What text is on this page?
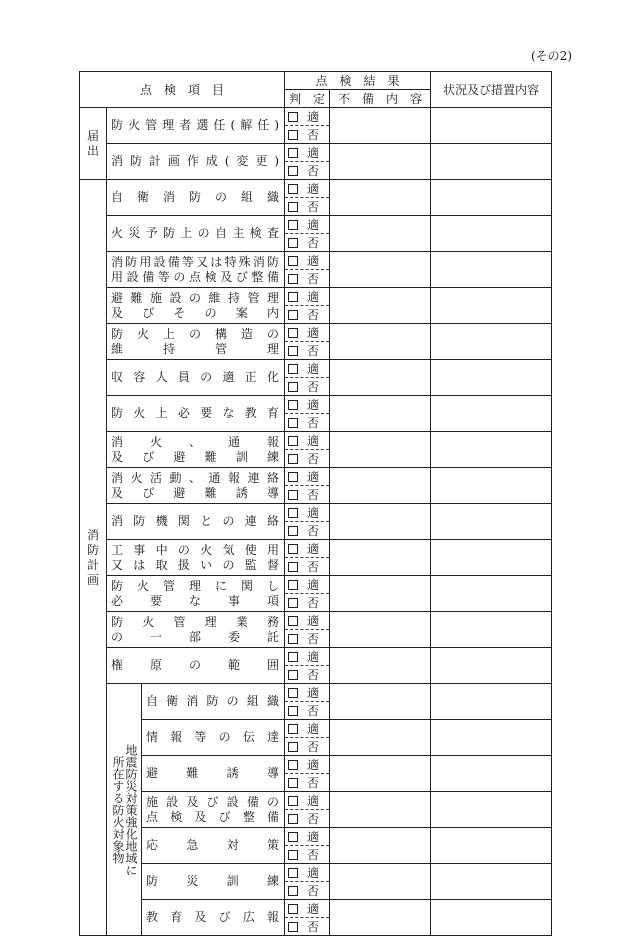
(その2)
点　検　項　目			点　検　結　果		状況及び措置内容
			判　定	不　備　内　容	

届
出	防火管理者選任(解任)		適		
			否		

	消防計画作成(変更)		適		
			否		

消
防
計
画	自衛消防の組織		適		
			否		

	火災予防上の自主検査		適		
			否		

	消防用設備等又は特殊消防
用設備等の点検及び整備		適		
			否		

	避難施設の維持管理
及びその案内		適		
			否		

	防火上の構造の
維持管理		適		
			否		

	収容人員の適正化		適		
			否		

	防火上必要な教育		適		
			否		

	消火、通報
及び避難訓練		適		
			否		

	消火活動、通報連絡
及び避難誘導		適		
			否		

	消防機関との連絡		適		
			否		

	工事中の火気使用
又は取扱いの監督		適		
			否		

	防火管理に関し
必要な事項		適		
			否		

	防火管理業務
の一部委託		適		
			否		

	権原の範囲		適		
			否		

	地震防災対策強化地域に所在する防火対象物	自衛消防の組織	適		
			否		

		情報等の伝達	適		
			否		

		避難誘導	適		
			否		

		施設及び設備の
点検及び整備	適		
			否		

		応急対策	適		
			否		

		防災訓練	適		
			否		

		教育及び広報	適		
			否		
